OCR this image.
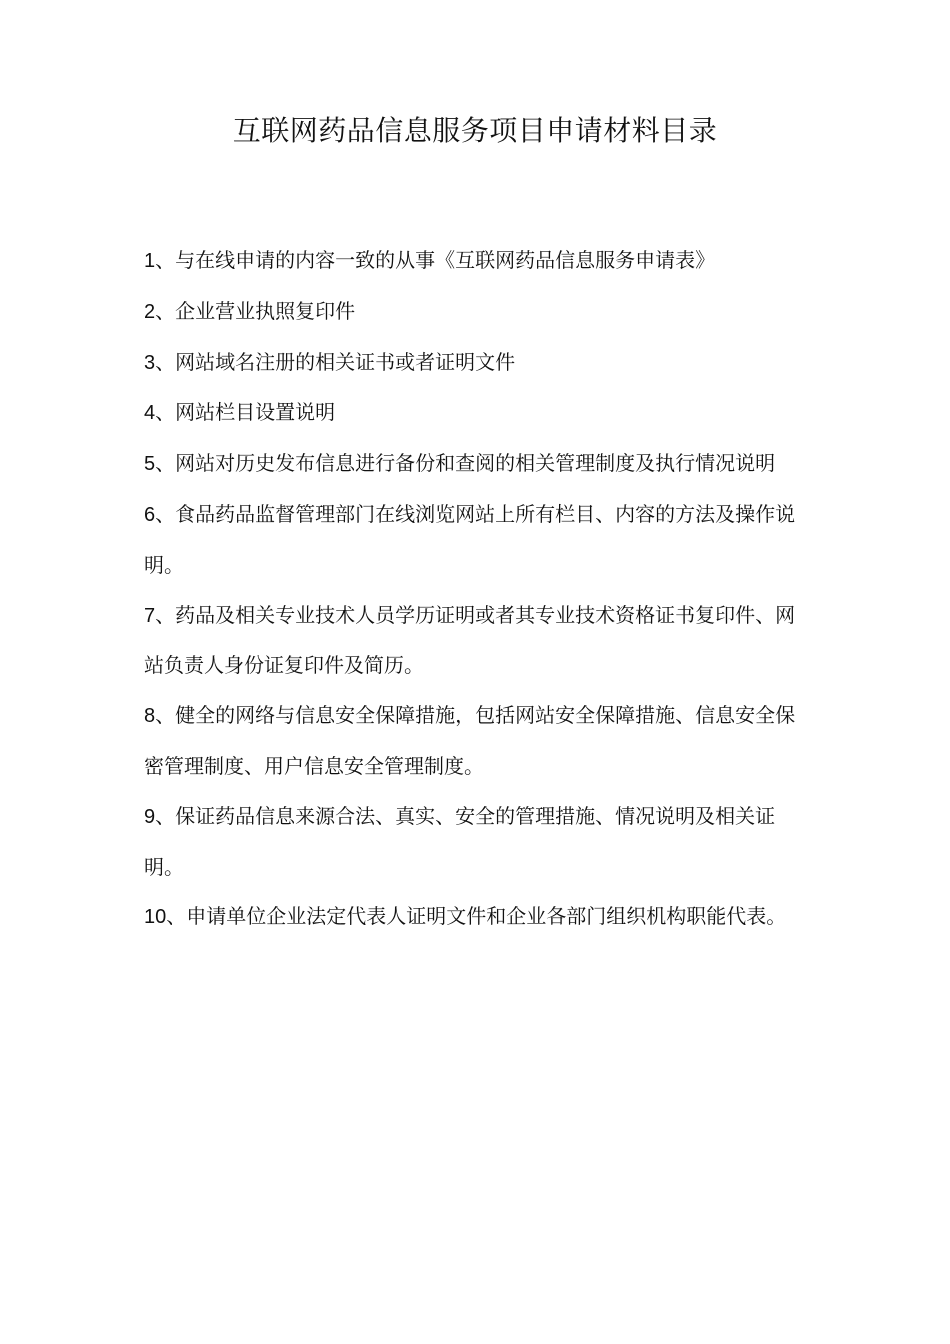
互联网药品信息服务项目申请材料目录
1、与在线申请的内容一致的从事《互联网药品信息服务申请表》
2、企业营业执照复印件
3、网站域名注册的相关证书或者证明文件
4、网站栏目设置说明
5、网站对历史发布信息进行备份和查阅的相关管理制度及执行情况说明
6、食品药品监督管理部门在线浏览网站上所有栏目、内容的方法及操作说明。
7、药品及相关专业技术人员学历证明或者其专业技术资格证书复印件、网站负责人身份证复印件及简历。
8、健全的网络与信息安全保障措施，包括网站安全保障措施、信息安全保密管理制度、用户信息安全管理制度。
9、保证药品信息来源合法、真实、安全的管理措施、情况说明及相关证明。
10、申请单位企业法定代表人证明文件和企业各部门组织机构职能代表。
